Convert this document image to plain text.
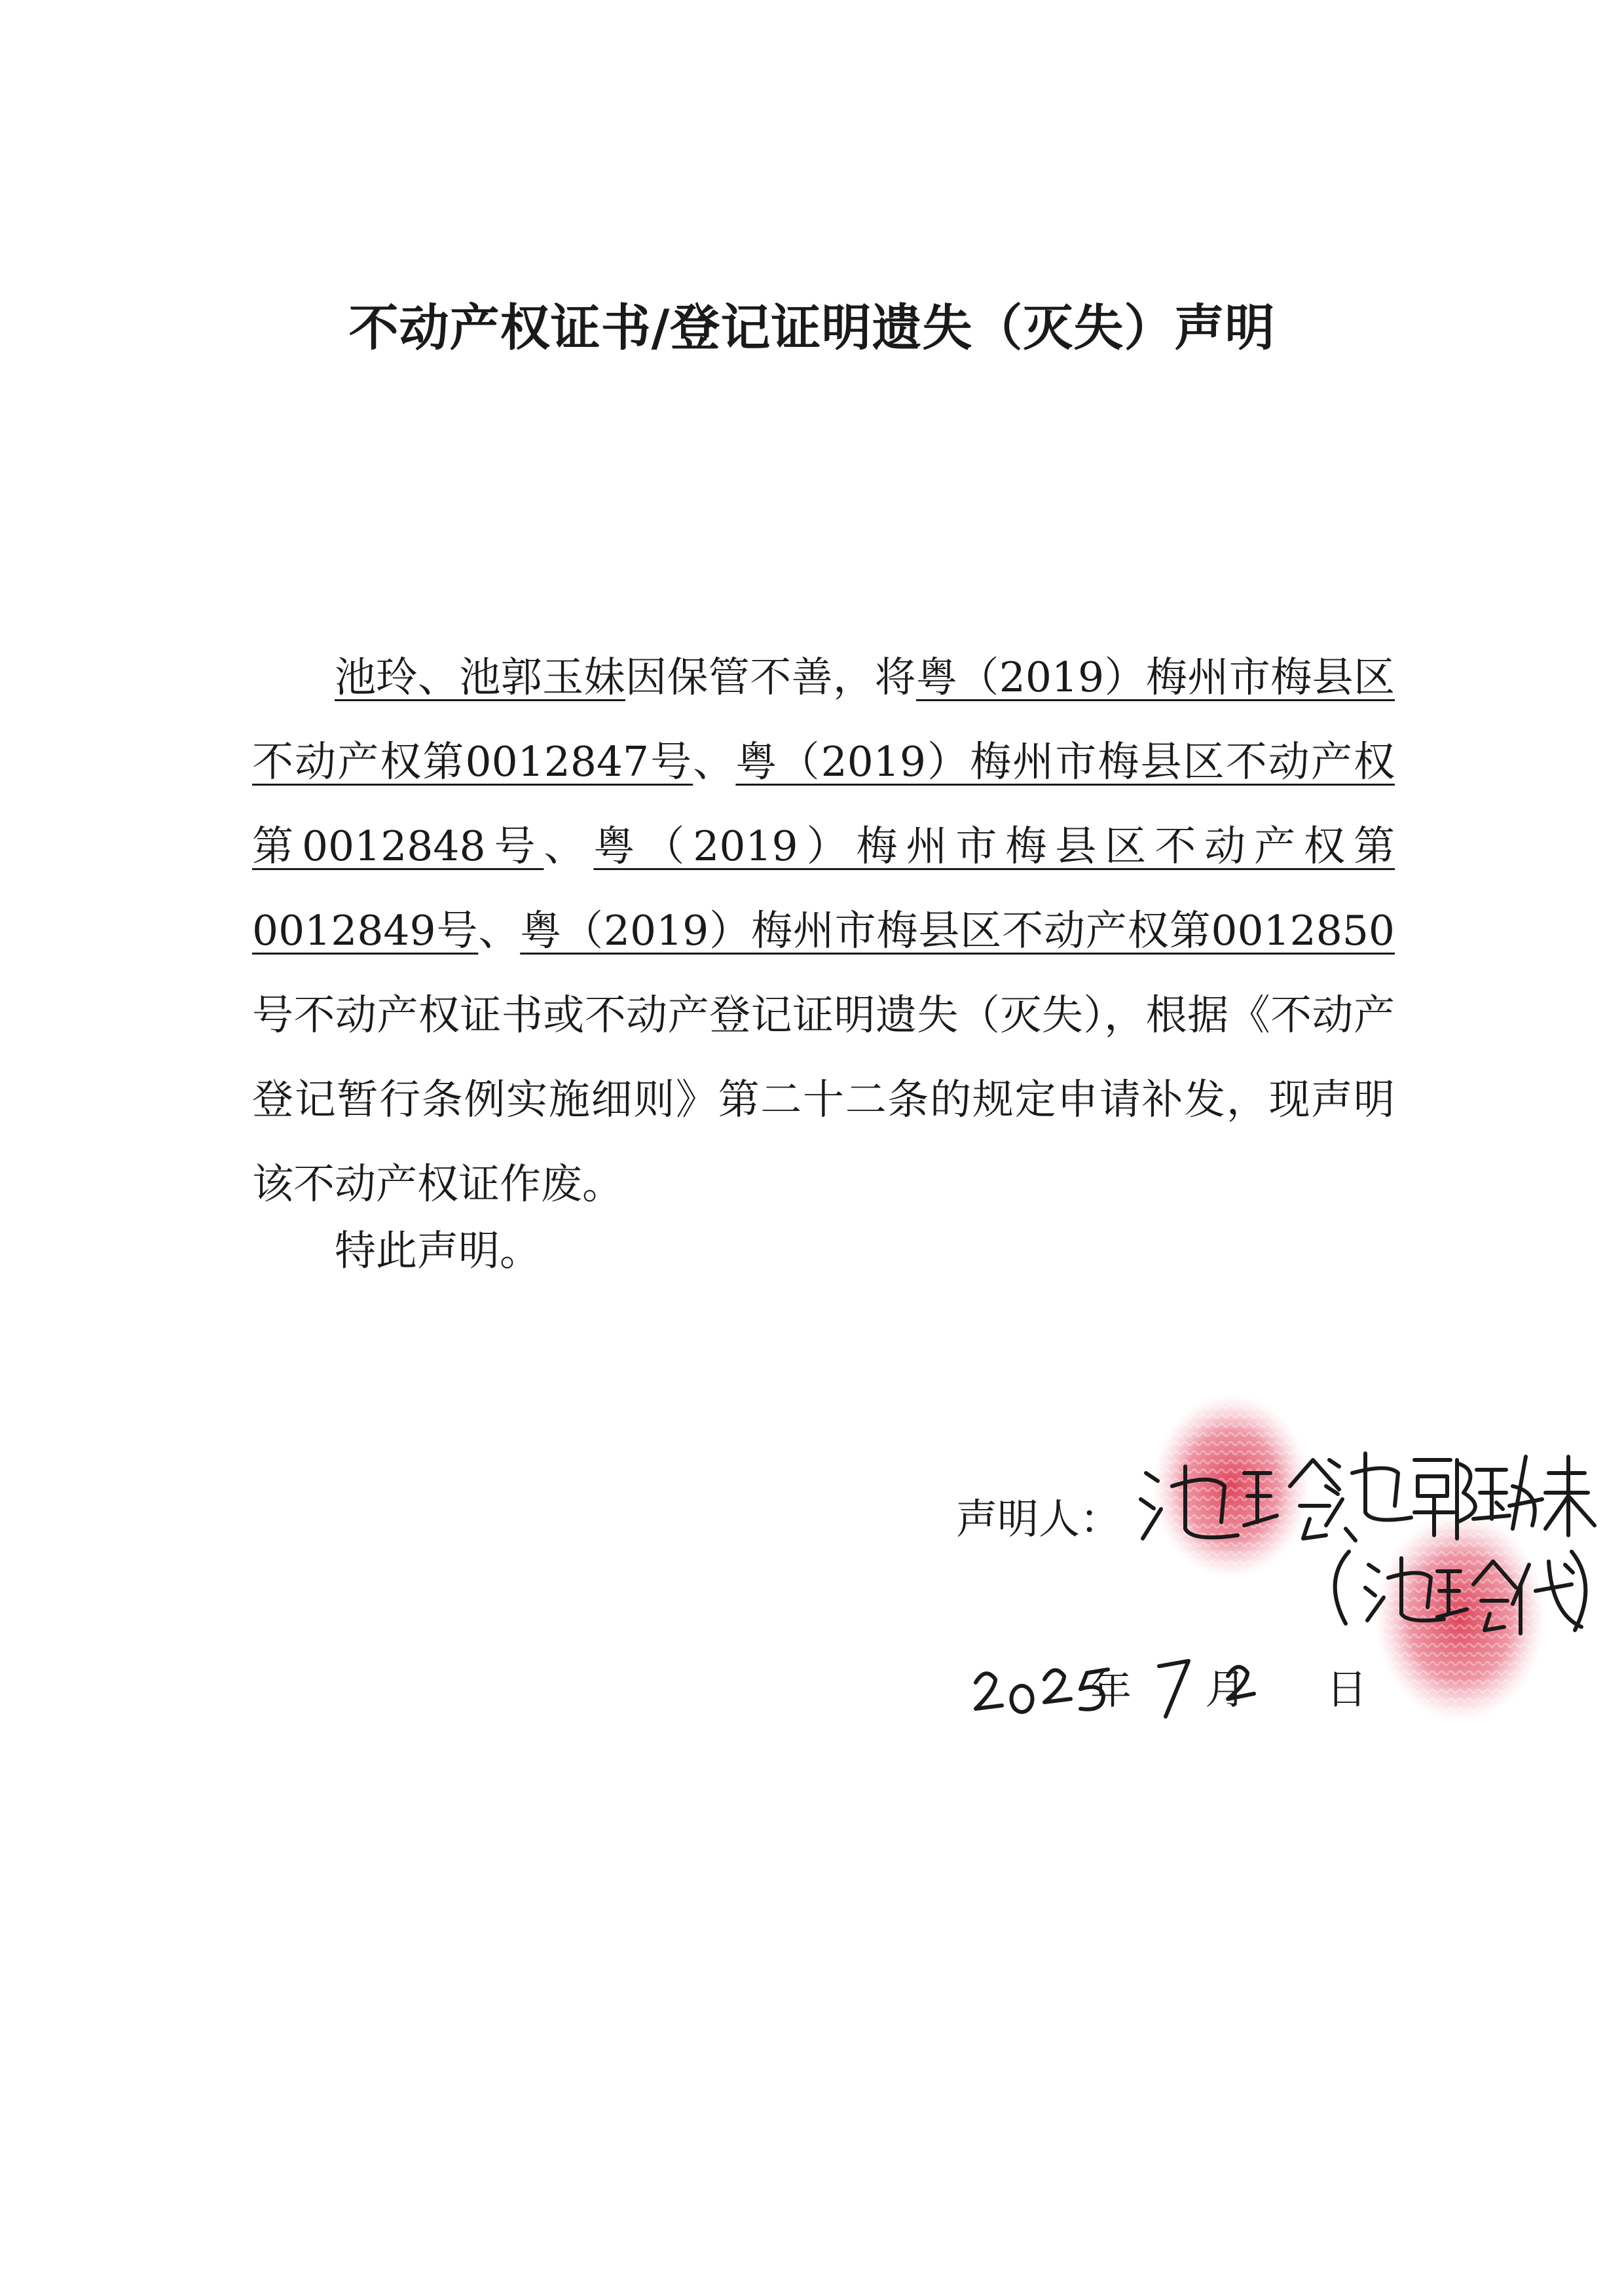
不动产权证书/登记证明遗失（灭失）声明

池玲、池郭玉妹因保管不善，将粤（2019）梅州市梅县区不动产权第0012847号、粤（2019）梅州市梅县区不动产权第0012848号、粤（2019）梅州市梅县区不动产权第0012849号、粤（2019）梅州市梅县区不动产权第0012850号不动产权证书或不动产登记证明遗失（灭失），根据《不动产登记暂行条例实施细则》第二十二条的规定申请补发，现声明该不动产权证作废。

特此声明。
声明人：
年 月 日
